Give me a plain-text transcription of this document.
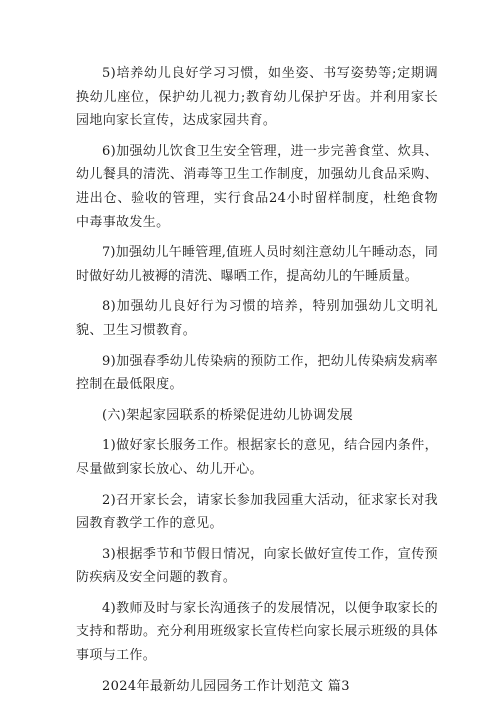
5)培养幼儿良好学习习惯，如坐姿、书写姿势等;定期调换幼儿座位，保护幼儿视力;教育幼儿保护牙齿。并利用家长园地向家长宣传，达成家园共育。

6)加强幼儿饮食卫生安全管理，进一步完善食堂、炊具、幼儿餐具的清洗、消毒等卫生工作制度，加强幼儿食品采购、进出仓、验收的管理，实行食品24小时留样制度，杜绝食物中毒事故发生。

7)加强幼儿午睡管理,值班人员时刻注意幼儿午睡动态，同时做好幼儿被褥的清洗、曝晒工作，提高幼儿的午睡质量。

8)加强幼儿良好行为习惯的培养，特别加强幼儿文明礼貌、卫生习惯教育。

9)加强春季幼儿传染病的预防工作，把幼儿传染病发病率控制在最低限度。

(六)架起家园联系的桥梁促进幼儿协调发展

1)做好家长服务工作。根据家长的意见，结合园内条件，尽量做到家长放心、幼儿开心。

2)召开家长会，请家长参加我园重大活动，征求家长对我园教育教学工作的意见。

3)根据季节和节假日情况，向家长做好宣传工作，宣传预防疾病及安全问题的教育。

4)教师及时与家长沟通孩子的发展情况，以便争取家长的支持和帮助。充分利用班级家长宣传栏向家长展示班级的具体事项与工作。

2024年最新幼儿园园务工作计划范文 篇3
